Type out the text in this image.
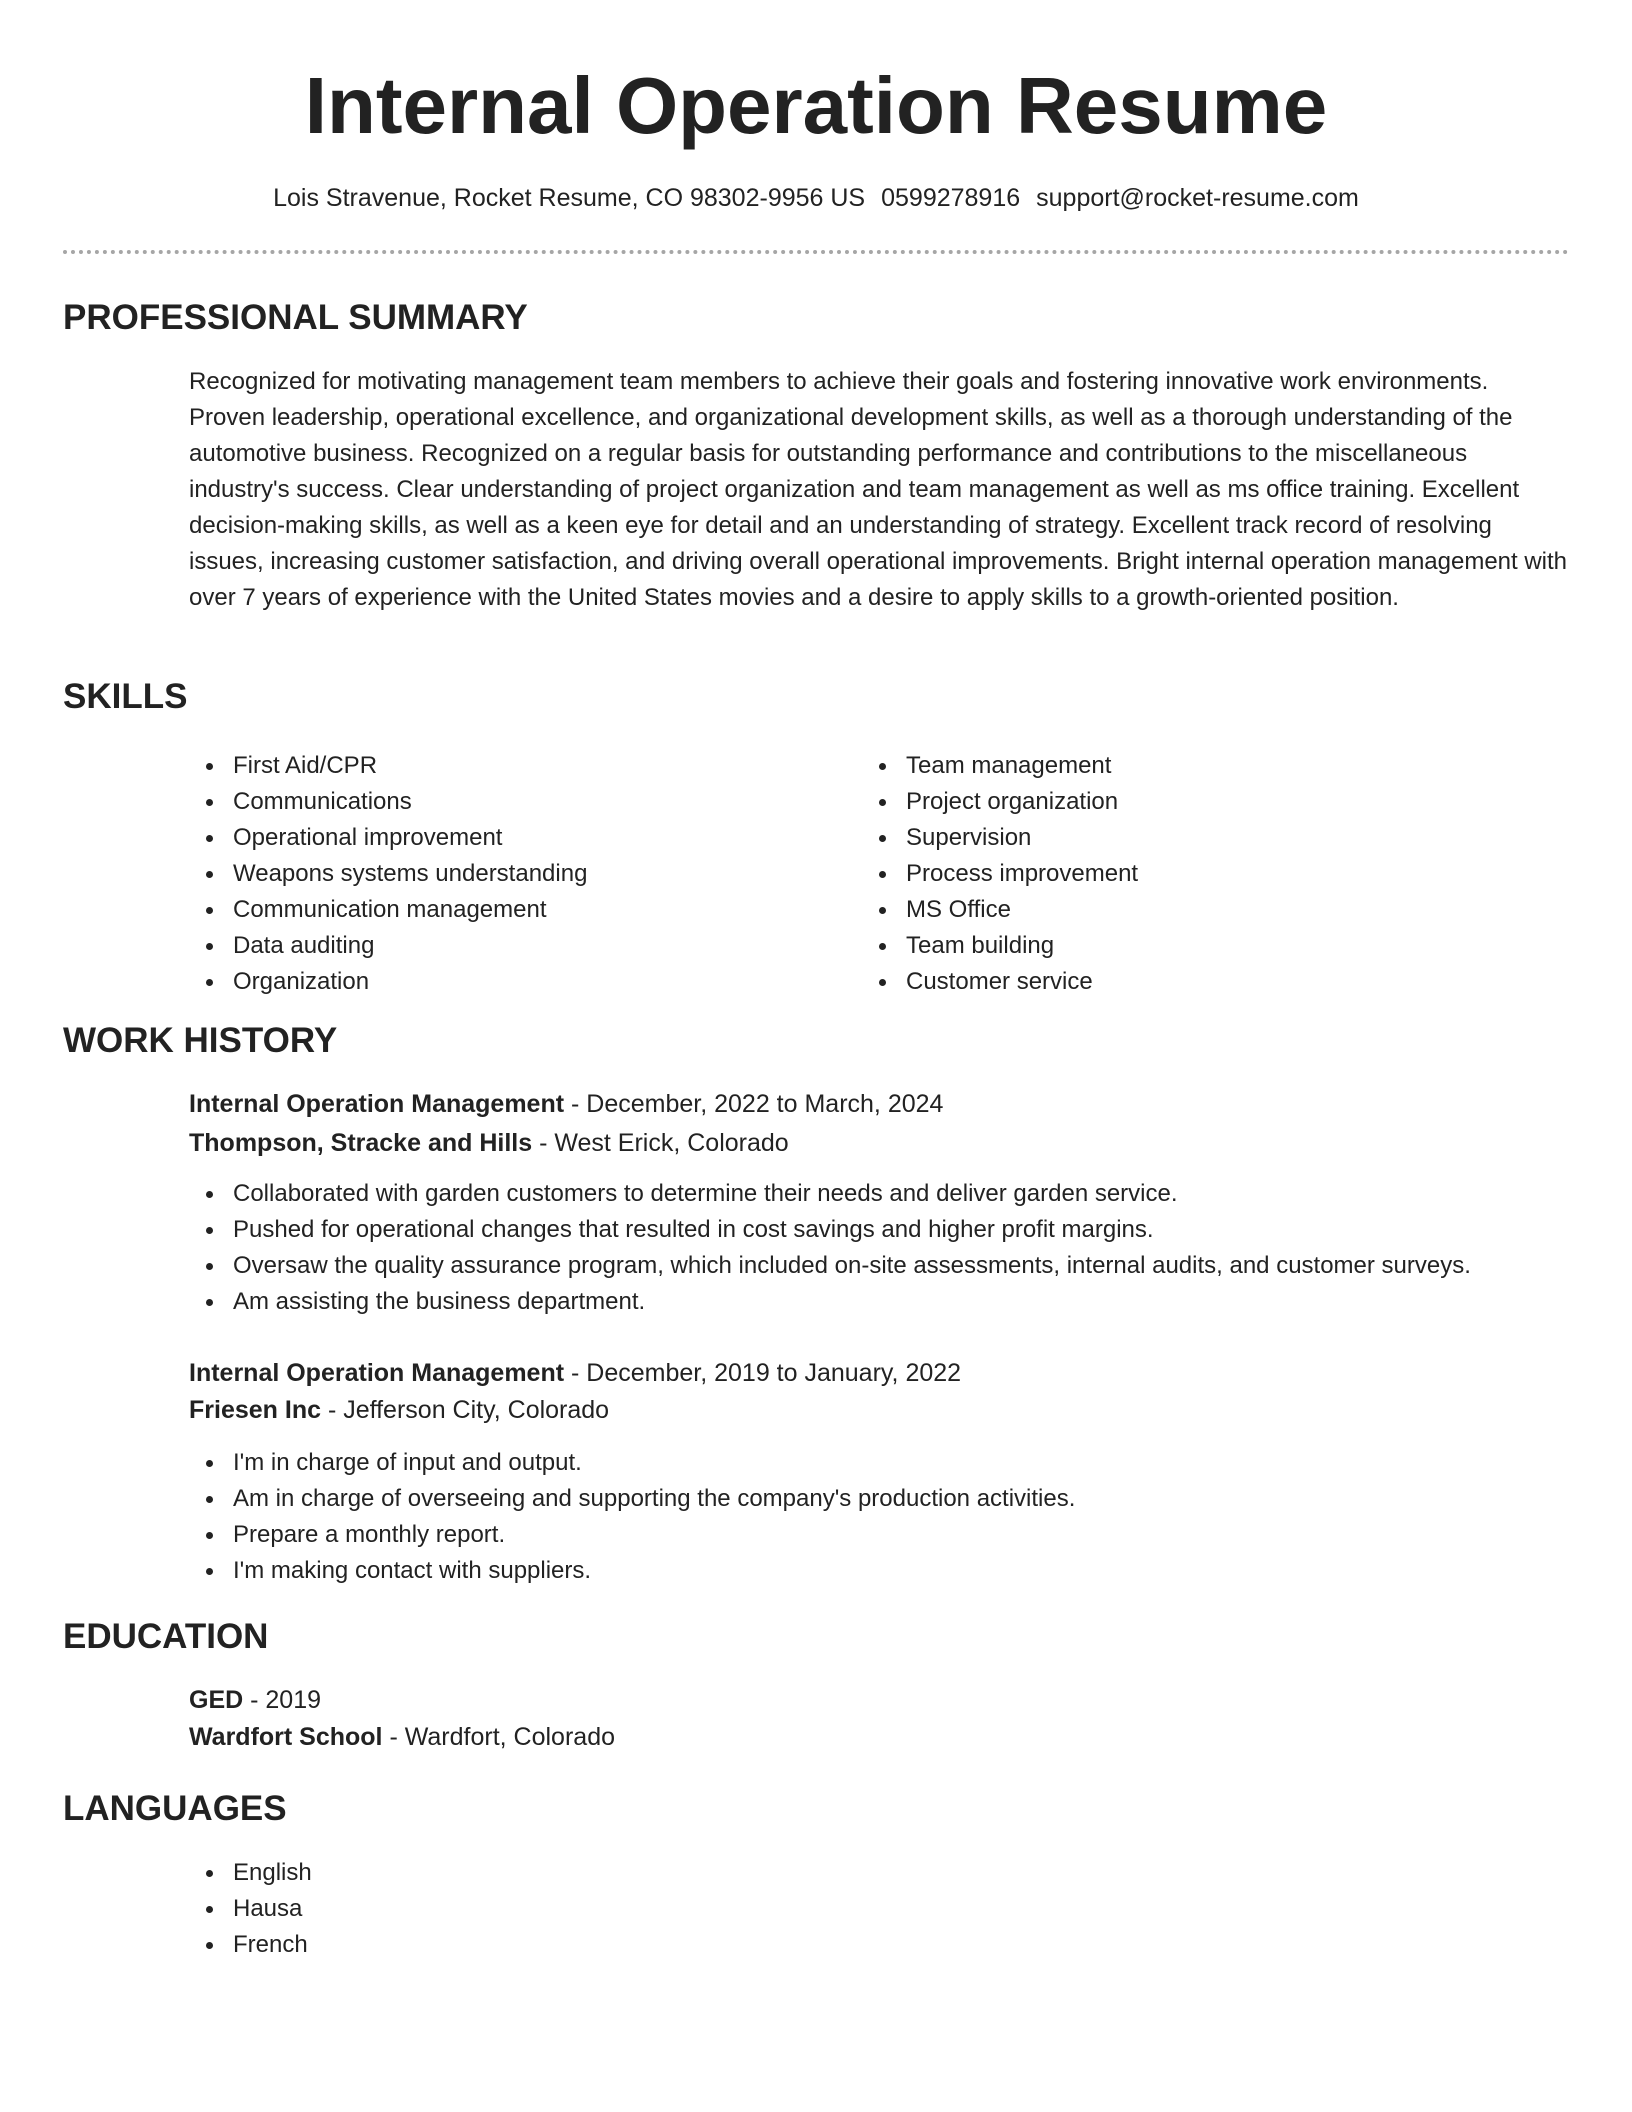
Internal Operation Resume
Lois Stravenue, Rocket Resume, CO 98302-9956 US 0599278916 support@rocket-resume.com
PROFESSIONAL SUMMARY

Recognized for motivating management team members to achieve their goals and fostering innovative work environments. Proven leadership, operational excellence, and organizational development skills, as well as a thorough understanding of the automotive business. Recognized on a regular basis for outstanding performance and contributions to the miscellaneous industry's success. Clear understanding of project organization and team management as well as ms office training. Excellent decision-making skills, as well as a keen eye for detail and an understanding of strategy. Excellent track record of resolving issues, increasing customer satisfaction, and driving overall operational improvements. Bright internal operation management with over 7 years of experience with the United States movies and a desire to apply skills to a growth-oriented position.

SKILLS
First Aid/CPR
Communications
Operational improvement
Weapons systems understanding
Communication management
Data auditing
Organization
Team management
Project organization
Supervision
Process improvement
MS Office
Team building
Customer service
WORK HISTORY
Internal Operation Management - December, 2022 to March, 2024
Thompson, Stracke and Hills - West Erick, Colorado
Collaborated with garden customers to determine their needs and deliver garden service.
Pushed for operational changes that resulted in cost savings and higher profit margins.
Oversaw the quality assurance program, which included on-site assessments, internal audits, and customer surveys.
Am assisting the business department.
Internal Operation Management - December, 2019 to January, 2022
Friesen Inc - Jefferson City, Colorado
I'm in charge of input and output.
Am in charge of overseeing and supporting the company's production activities.
Prepare a monthly report.
I'm making contact with suppliers.
EDUCATION
GED - 2019
Wardfort School - Wardfort, Colorado
LANGUAGES
English
Hausa
French
